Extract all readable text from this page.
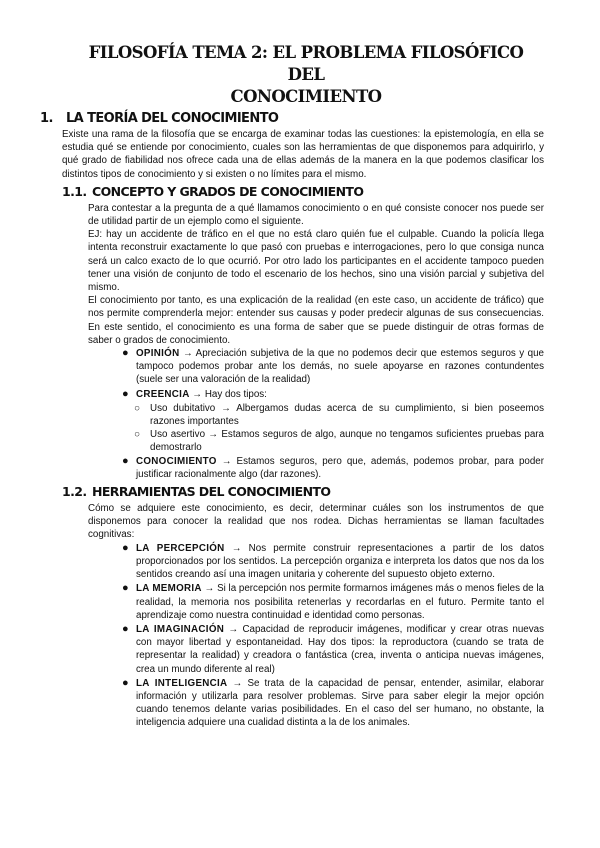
FILOSOFÍA TEMA 2: EL PROBLEMA FILOSÓFICO DEL
CONOCIMIENTO
1. LA TEORÍA DEL CONOCIMIENTO

Existe una rama de la filosofía que se encarga de examinar todas las cuestiones: la epistemología, en ella se estudia qué se entiende por conocimiento, cuales son las herramientas de que disponemos para adquirirlo, y qué grado de fiabilidad nos ofrece cada una de ellas además de la manera en la que podemos clasificar los distintos tipos de conocimiento y si existen o no límites para el mismo.

1.1. CONCEPTO Y GRADOS DE CONOCIMIENTO

Para contestar a la pregunta de a qué llamamos conocimiento o en qué consiste conocer nos puede ser de utilidad partir de un ejemplo como el siguiente.

EJ: hay un accidente de tráfico en el que no está claro quién fue el culpable. Cuando la policía llega intenta reconstruir exactamente lo que pasó con pruebas e interrogaciones, pero lo que consiga nunca será un calco exacto de lo que ocurrió. Por otro lado los participantes en el accidente tampoco pueden tener una visión de conjunto de todo el escenario de los hechos, sino una visión parcial y subjetiva del mismo.

El conocimiento por tanto, es una explicación de la realidad (en este caso, un accidente de tráfico) que nos permite comprenderla mejor: entender sus causas y poder predecir algunas de sus consecuencias. En este sentido, el conocimiento es una forma de saber que se puede distinguir de otras formas de saber o grados de conocimiento.

● OPINIÓN → Apreciación subjetiva de la que no podemos decir que estemos seguros y que tampoco podemos probar ante los demás, no suele apoyarse en razones contundentes (suele ser una valoración de la realidad)
● CREENCIA → Hay dos tipos:
○ Uso dubitativo → Albergamos dudas acerca de su cumplimiento, si bien poseemos razones importantes
○ Uso asertivo → Estamos seguros de algo, aunque no tengamos suficientes pruebas para demostrarlo
● CONOCIMIENTO → Estamos seguros, pero que, además, podemos probar, para poder justificar racionalmente algo (dar razones).
1.2. HERRAMIENTAS DEL CONOCIMIENTO

Cómo se adquiere este conocimiento, es decir, determinar cuáles son los instrumentos de que disponemos para conocer la realidad que nos rodea. Dichas herramientas se llaman facultades cognitivas:

● LA PERCEPCIÓN → Nos permite construir representaciones a partir de los datos proporcionados por los sentidos. La percepción organiza e interpreta los datos que nos da los sentidos creando así una imagen unitaria y coherente del supuesto objeto externo.
● LA MEMORIA → Si la percepción nos permite formarnos imágenes más o menos fieles de la realidad, la memoria nos posibilita retenerlas y recordarlas en el futuro. Permite tanto el aprendizaje como nuestra continuidad e identidad como personas.
● LA IMAGINACIÓN → Capacidad de reproducir imágenes, modificar y crear otras nuevas con mayor libertad y espontaneidad. Hay dos tipos: la reproductora (cuando se trata de representar la realidad) y creadora o fantástica (crea, inventa o anticipa nuevas imágenes, crea un mundo diferente al real)
● LA INTELIGENCIA → Se trata de la capacidad de pensar, entender, asimilar, elaborar información y utilizarla para resolver problemas. Sirve para saber elegir la mejor opción cuando tenemos delante varias posibilidades. En el caso del ser humano, no obstante, la inteligencia adquiere una cualidad distinta a la de los animales.
